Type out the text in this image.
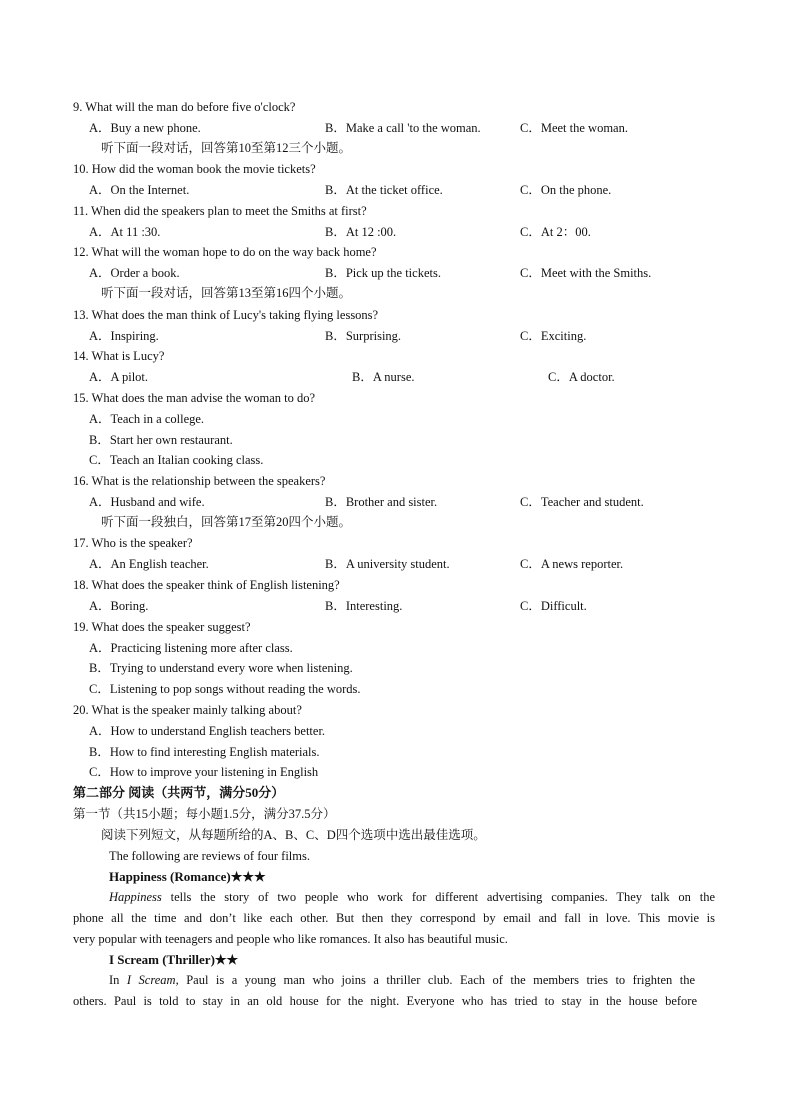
9. What will the man do before five o'clock?
A．Buy a new phone.	B．Make a call 'to the woman.	C．Meet the woman.
听下面一段对话，回答第10至第12三个小题。
10. How did the woman book the movie tickets?
A．On the Internet.	B．At the ticket office.	C．On the phone.
11. When did the speakers plan to meet the Smiths at first?
A．At 11 :30.	B．At 12 :00.	C．At 2：00.
12. What will the woman hope to do on the way back home?
A．Order a book.	B．Pick up the tickets.	C．Meet with the Smiths.
听下面一段对话，回答第13至第16四个小题。
13. What does the man think of Lucy's taking flying lessons?
A．Inspiring.	B．Surprising.	C．Exciting.
14. What is Lucy?
A．A pilot.	B．A nurse.	C．A doctor.
15. What does the man advise the woman to do?
A．Teach in a college.
B．Start her own restaurant.
C．Teach an Italian cooking class.
16. What is the relationship between the speakers?
A．Husband and wife.	B．Brother and sister.	C．Teacher and student.
听下面一段独白，回答第17至第20四个小题。
17. Who is the speaker?
A．An English teacher.	B．A university student.	C．A news reporter.
18. What does the speaker think of English listening?
A．Boring.	B．Interesting.	C．Difficult.
19. What does the speaker suggest?
A．Practicing listening more after class.
B．Trying to understand every wore when listening.
C．Listening to pop songs without reading the words.
20. What is the speaker mainly talking about?
A．How to understand English teachers better.
B．How to find interesting English materials.
C．How to improve your listening in English
第二部分 阅读（共两节，满分50分）
第一节（共15小题；每小题1.5分，满分37.5分）
阅读下列短文，从每题所给的A、B、C、D四个选项中选出最佳选项。
The following are reviews of four films.
Happiness (Romance)★★★
Happiness tells the story of two people who work for different advertising companies. They talk on the
phone all the time and don’t like each other. But then they correspond by email and fall in love. This movie is
very popular with teenagers and people who like romances. It also has beautiful music.
I Scream (Thriller)★★
In I Scream, Paul is a young man who joins a thriller club. Each of the members tries to frighten the
others. Paul is told to stay in an old house for the night. Everyone who has tried to stay in the house before
